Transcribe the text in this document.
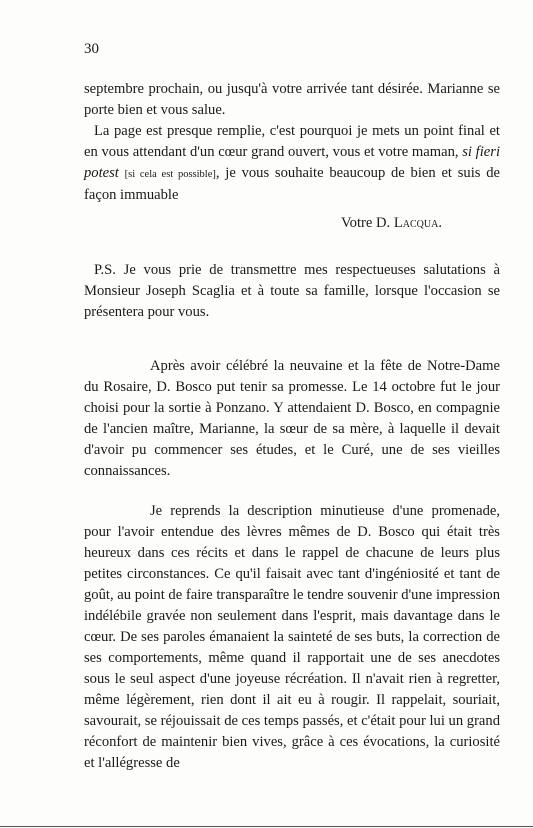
30

septembre prochain, ou jusqu'à votre arrivée tant désirée. Marianne se porte bien et vous salue.

La page est presque remplie, c'est pourquoi je mets un point final et en vous attendant d'un cœur grand ouvert, vous et votre maman, si fieri potest [si cela est possible], je vous souhaite beaucoup de bien et suis de façon immuable

Votre D. Lacqua.

P.S. Je vous prie de transmettre mes respectueuses salutations à Monsieur Joseph Scaglia et à toute sa famille, lorsque l'occasion se présentera pour vous.

Après avoir célébré la neuvaine et la fête de Notre-Dame du Rosaire, D. Bosco put tenir sa promesse. Le 14 octobre fut le jour choisi pour la sortie à Ponzano. Y attendaient D. Bosco, en compagnie de l'ancien maître, Marianne, la sœur de sa mère, à laquelle il devait d'avoir pu commencer ses études, et le Curé, une de ses vieilles connaissances.

Je reprends la description minutieuse d'une promenade, pour l'avoir entendue des lèvres mêmes de D. Bosco qui était très heureux dans ces récits et dans le rappel de chacune de leurs plus petites circonstances. Ce qu'il faisait avec tant d'ingéniosité et tant de goût, au point de faire transparaître le tendre souvenir d'une impression indélébile gravée non seulement dans l'esprit, mais davantage dans le cœur. De ses paroles émanaient la sainteté de ses buts, la correction de ses comportements, même quand il rapportait une de ses anecdotes sous le seul aspect d'une joyeuse récréation. Il n'avait rien à regretter, même légèrement, rien dont il ait eu à rougir. Il rappelait, souriait, savourait, se réjouissait de ces temps passés, et c'était pour lui un grand réconfort de maintenir bien vives, grâce à ces évocations, la curiosité et l'allégresse de
